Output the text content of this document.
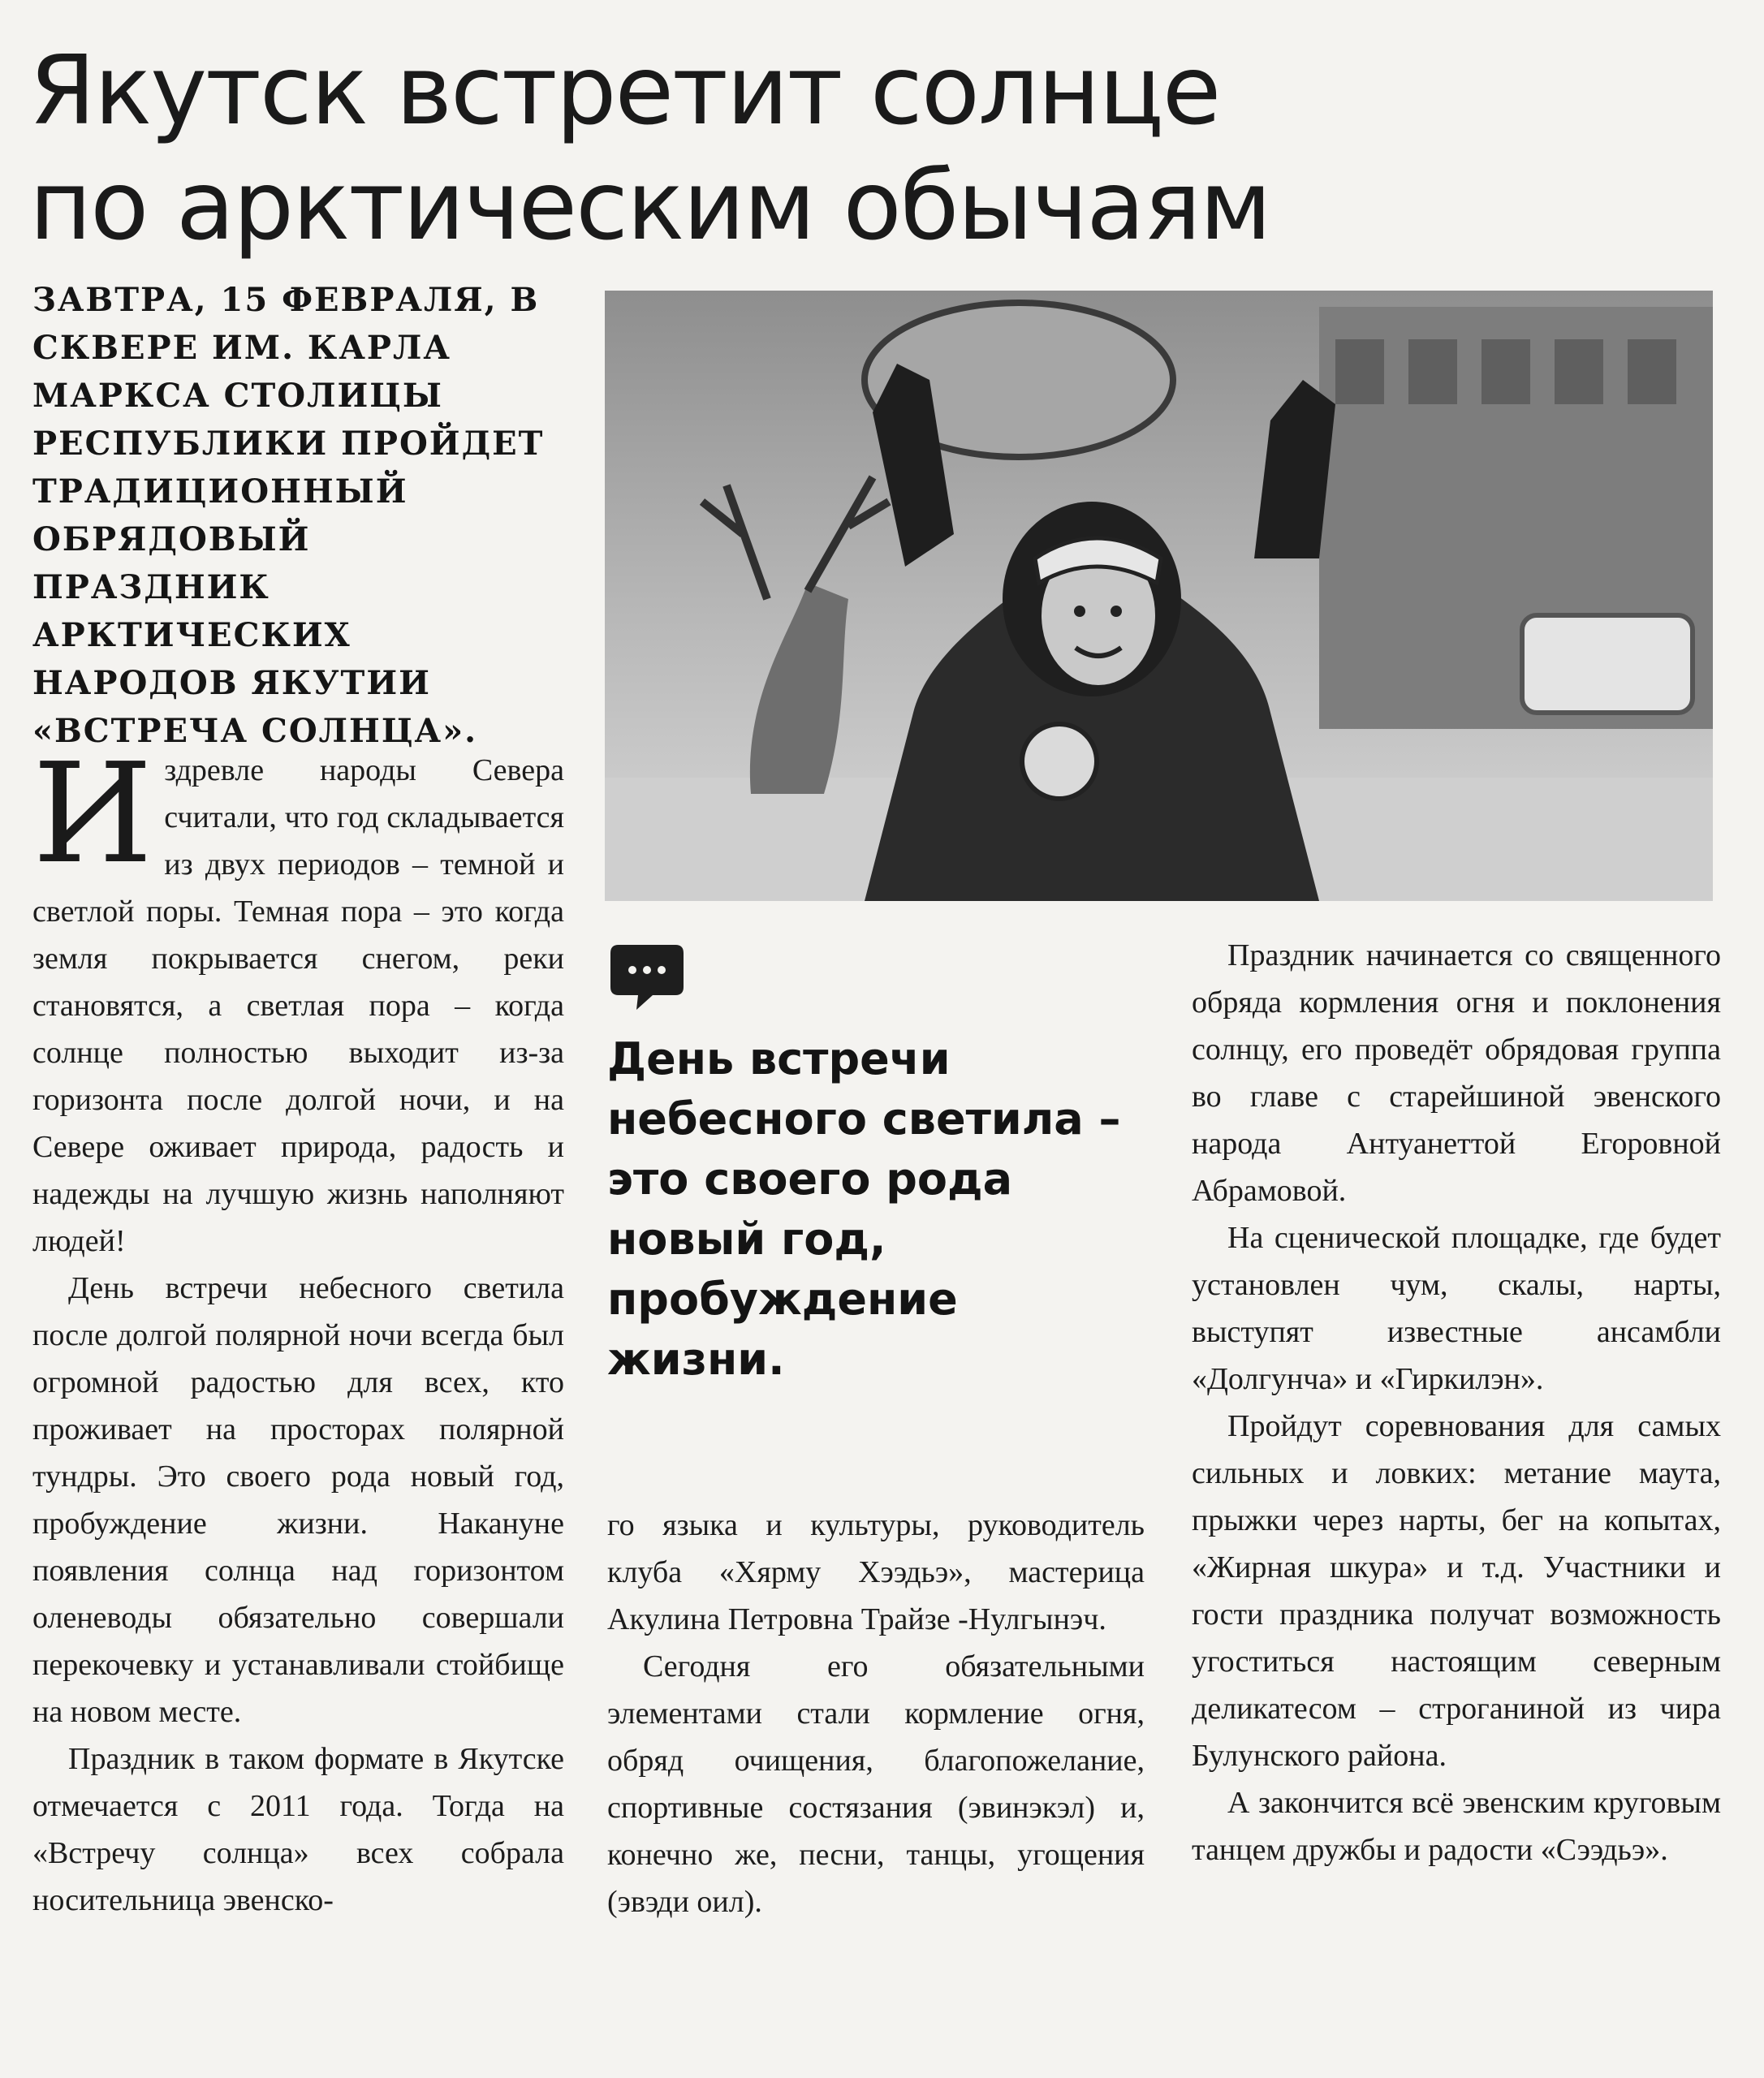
Якутск встретит солнце
по арктическим обычаям

ЗАВТРА, 15 ФЕВРАЛЯ, В СКВЕРЕ ИМ. КАРЛА МАРКСА СТОЛИЦЫ РЕСПУБЛИКИ ПРОЙДЕТ ТРАДИЦИОННЫЙ ОБРЯДОВЫЙ ПРАЗДНИК АРКТИЧЕСКИХ НАРОДОВ ЯКУТИИ «ВСТРЕЧА СОЛНЦА».

Издревле народы Севера считали, что год складывается из двух периодов – темной и светлой поры. Темная пора – это когда земля покрывается снегом, реки становятся, а светлая пора – когда солнце полностью выходит из-за горизонта после долгой ночи, и на Севере оживает природа, радость и надежды на лучшую жизнь наполняют людей!

День встречи небесного светила после долгой полярной ночи всегда был огромной радостью для всех, кто проживает на просторах полярной тундры. Это своего рода новый год, пробуждение жизни. Накануне появления солнца над горизонтом оленеводы обязательно совершали перекочевку и устанавливали стойбище на новом месте.

Праздник в таком формате в Якутске отмечается с 2011 года. Тогда на «Встречу солнца» всех собрала носительница эвенско-

День встречи небесного светила – это своего рода новый год, пробуждение жизни.

го языка и культуры, руководитель клуба «Хярму Хээдьэ», мастерица Акулина Петровна Трайзе -Нулгынэч.

Сегодня его обязательными элементами стали кормление огня, обряд очищения, благопожелание, спортивные состязания (эвинэкэл) и, конечно же, песни, танцы, угощения (эвэди оил).

Праздник начинается со священного обряда кормления огня и поклонения солнцу, его проведёт обрядовая группа во главе с старейшиной эвенского народа Антуанеттой Егоровной Абрамовой.

На сценической площадке, где будет установлен чум, скалы, нарты, выступят известные ансамбли «Долгунча» и «Гиркилэн».

Пройдут соревнования для самых сильных и ловких: метание маута, прыжки через нарты, бег на копытах, «Жирная шкура» и т.д. Участники и гости праздника получат возможность угоститься настоящим северным деликатесом – строганиной из чира Булунского района.

А закончится всё эвенским круговым танцем дружбы и радости «Сээдьэ».
